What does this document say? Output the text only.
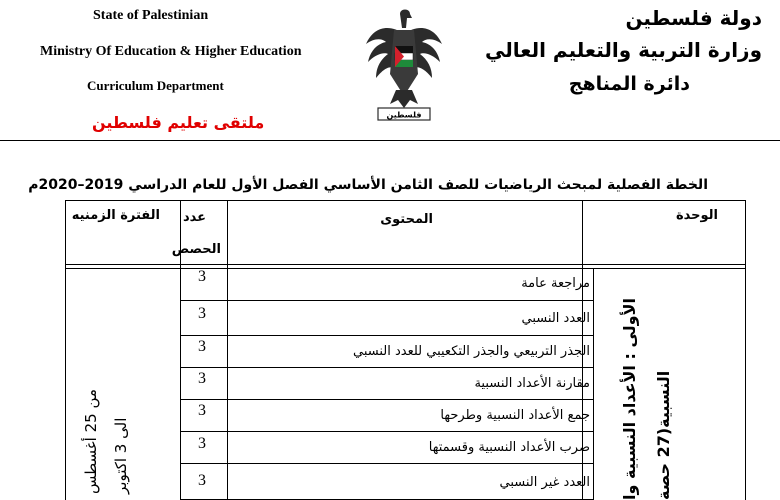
State of Palestinian
Ministry Of Education & Higher Education
Curriculum Department
ملتقى تعليم فلسطين
دولة فلسطين
وزارة التربية والتعليم العالي
دائرة المناهج
فلسطين
الخطة الفصلية لمبحث الرياضيات للصف الثامن الأساسي الفصل الأول للعام الدراسي 2019–2020م
الفترة الزمنيه عدد
الحصص
المحتوى	الوحدة
3
3
3
3
3
3
3
مراجعة عامة
العدد النسبي
الجذر التربيعي والجذر التكعيبي للعدد النسبي
مقارنة الأعداد النسبية
جمع الأعداد النسبية وطرحها
ضرب الأعداد النسبية وقسمتها
العدد غير النسبي الأولى : الأعداد النسبية وا النسبية(27 حصة
من 25 أغسطس
الى 3 اكتوبر
